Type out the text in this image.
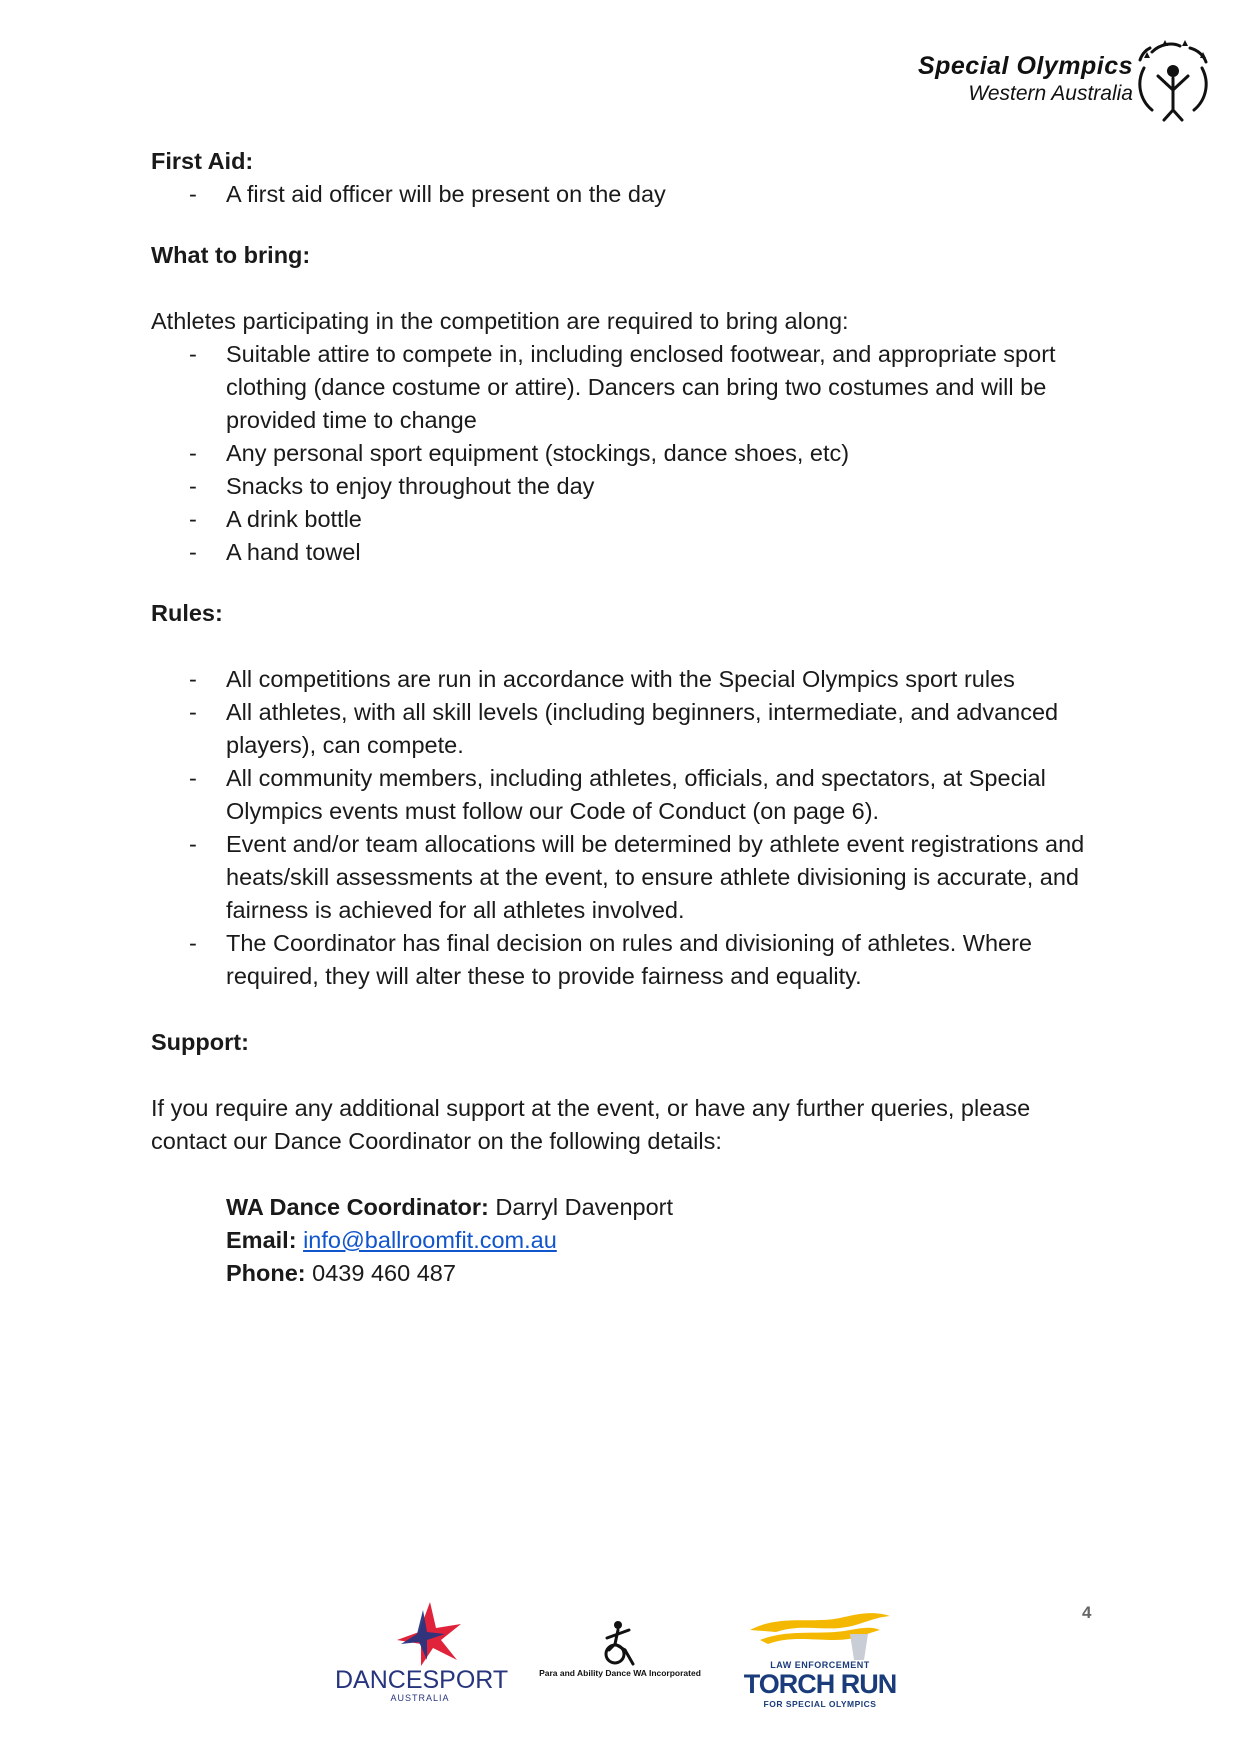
Special Olympics
Western Australia

First Aid:

- A first aid officer will be present on the day

What to bring:

Athletes participating in the competition are required to bring along:

- Suitable attire to compete in, including enclosed footwear, and appropriate sport clothing (dance costume or attire). Dancers can bring two costumes and will be provided time to change
- Any personal sport equipment (stockings, dance shoes, etc)
- Snacks to enjoy throughout the day
- A drink bottle
- A hand towel

Rules:

- All competitions are run in accordance with the Special Olympics sport rules
- All athletes, with all skill levels (including beginners, intermediate, and advanced players), can compete.
- All community members, including athletes, officials, and spectators, at Special Olympics events must follow our Code of Conduct (on page 6).
- Event and/or team allocations will be determined by athlete event registrations and heats/skill assessments at the event, to ensure athlete divisioning is accurate, and fairness is achieved for all athletes involved.
- The Coordinator has final decision on rules and divisioning of athletes. Where required, they will alter these to provide fairness and equality.

Support:

If you require any additional support at the event, or have any further queries, please contact our Dance Coordinator on the following details:

WA Dance Coordinator: Darryl Davenport
Email: info@ballroomfit.com.au
Phone: 0439 460 487
4
DANCESPORT
AUSTRALIA
Para and Ability Dance WA Incorporated
LAW ENFORCEMENT
TORCH RUN
FOR SPECIAL OLYMPICS
